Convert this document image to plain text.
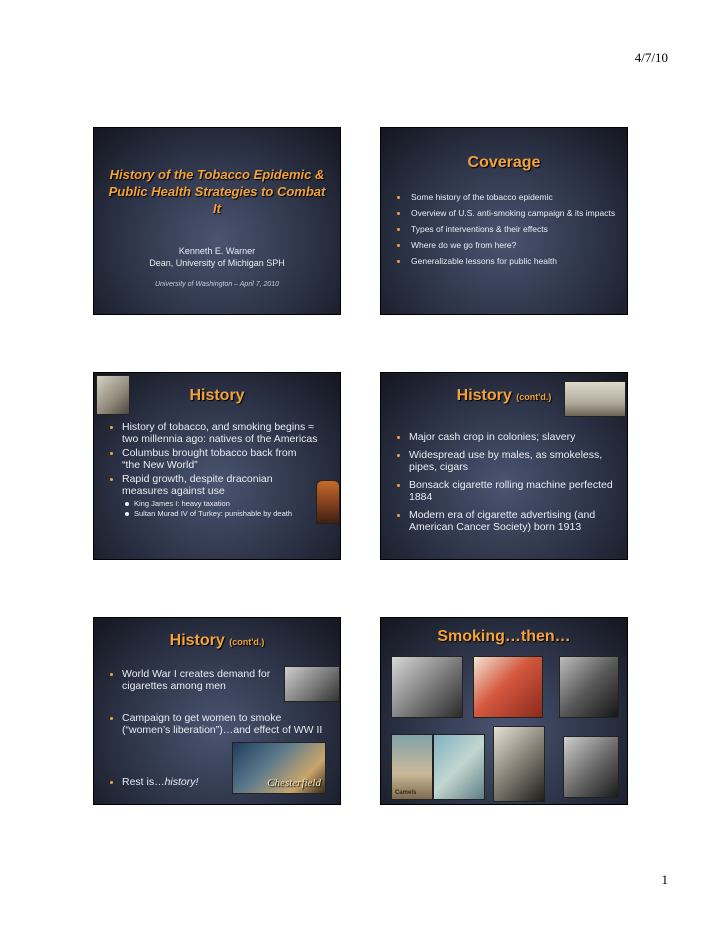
4/7/10
History of the Tobacco Epidemic & Public Health Strategies to Combat It
Kenneth E. Warner
Dean, University of Michigan SPH
University of Washington – April 7, 2010
Coverage
Some history of the tobacco epidemic
Overview of U.S. anti-smoking campaign & its impacts
Types of interventions & their effects
Where do we go from here?
Generalizable lessons for public health
History
History of tobacco, and smoking begins ≈ two millennia ago: natives of the Americas
Columbus brought tobacco back from “the New World”
Rapid growth, despite draconian measures against use
King James I: heavy taxation
Sultan Murad IV of Turkey: punishable by death
History (cont'd.)
Major cash crop in colonies; slavery
Widespread use by males, as smokeless, pipes, cigars
Bonsack cigarette rolling machine perfected 1884
Modern era of cigarette advertising (and American Cancer Society) born 1913
History (cont'd.)
World War I creates demand for cigarettes among men
Campaign to get women to smoke (“women’s liberation”)…and effect of WW II
Rest is…history!	Chesterfield
Smoking…then…
Camels
1
